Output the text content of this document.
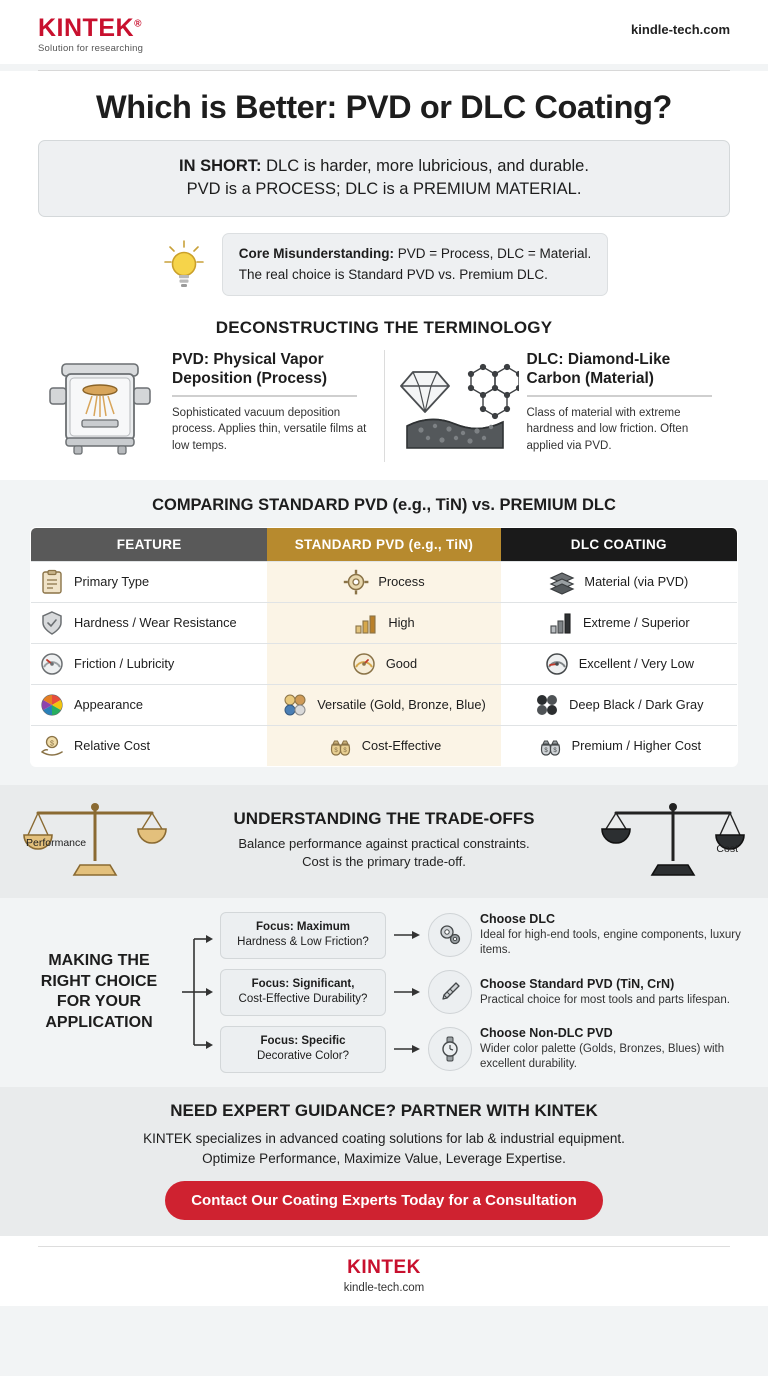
KINTEK®
Solution for researching
kindle-tech.com
Which is Better: PVD or DLC Coating?
IN SHORT: DLC is harder, more lubricious, and durable.
PVD is a PROCESS; DLC is a PREMIUM MATERIAL.
Core Misunderstanding: PVD = Process, DLC = Material.
The real choice is Standard PVD vs. Premium DLC.
DECONSTRUCTING THE TERMINOLOGY
PVD: Physical Vapor Deposition (Process)

Sophisticated vacuum deposition process. Applies thin, versatile films at low temps.

DLC: Diamond-Like Carbon (Material)

Class of material with extreme hardness and low friction. Often applied via PVD.

COMPARING STANDARD PVD (e.g., TiN) vs. PREMIUM DLC
FEATURE	STANDARD PVD (e.g., TiN)	DLC COATING

Primary Type	Process	Material (via PVD)

Hardness / Wear Resistance	High	Extreme / Superior

Friction / Lubricity	Good	Excellent / Very Low

Appearance	Versatile (Gold, Bronze, Blue)	Deep Black / Dark Gray

$ Relative Cost	$ $ Cost-Effective	$ $ Premium / Higher Cost
Performance
UNDERSTANDING THE TRADE-OFFS

Balance performance against practical constraints.

Cost is the primary trade-off.

Cost
MAKING THE RIGHT CHOICE FOR YOUR APPLICATION
Focus: Maximum
Hardness & Low Friction?
Choose DLC
Ideal for high-end tools, engine components, luxury items.
Focus: Significant,
Cost-Effective Durability?
Choose Standard PVD (TiN, CrN)
Practical choice for most tools and parts lifespan.
Focus: Specific
Decorative Color?
Choose Non-DLC PVD
Wider color palette (Golds, Bronzes, Blues) with excellent durability.
NEED EXPERT GUIDANCE? PARTNER WITH KINTEK
KINTEK specializes in advanced coating solutions for lab & industrial equipment.
Optimize Performance, Maximize Value, Leverage Expertise.
Contact Our Coating Experts Today for a Consultation
KINTEK
kindle-tech.com
